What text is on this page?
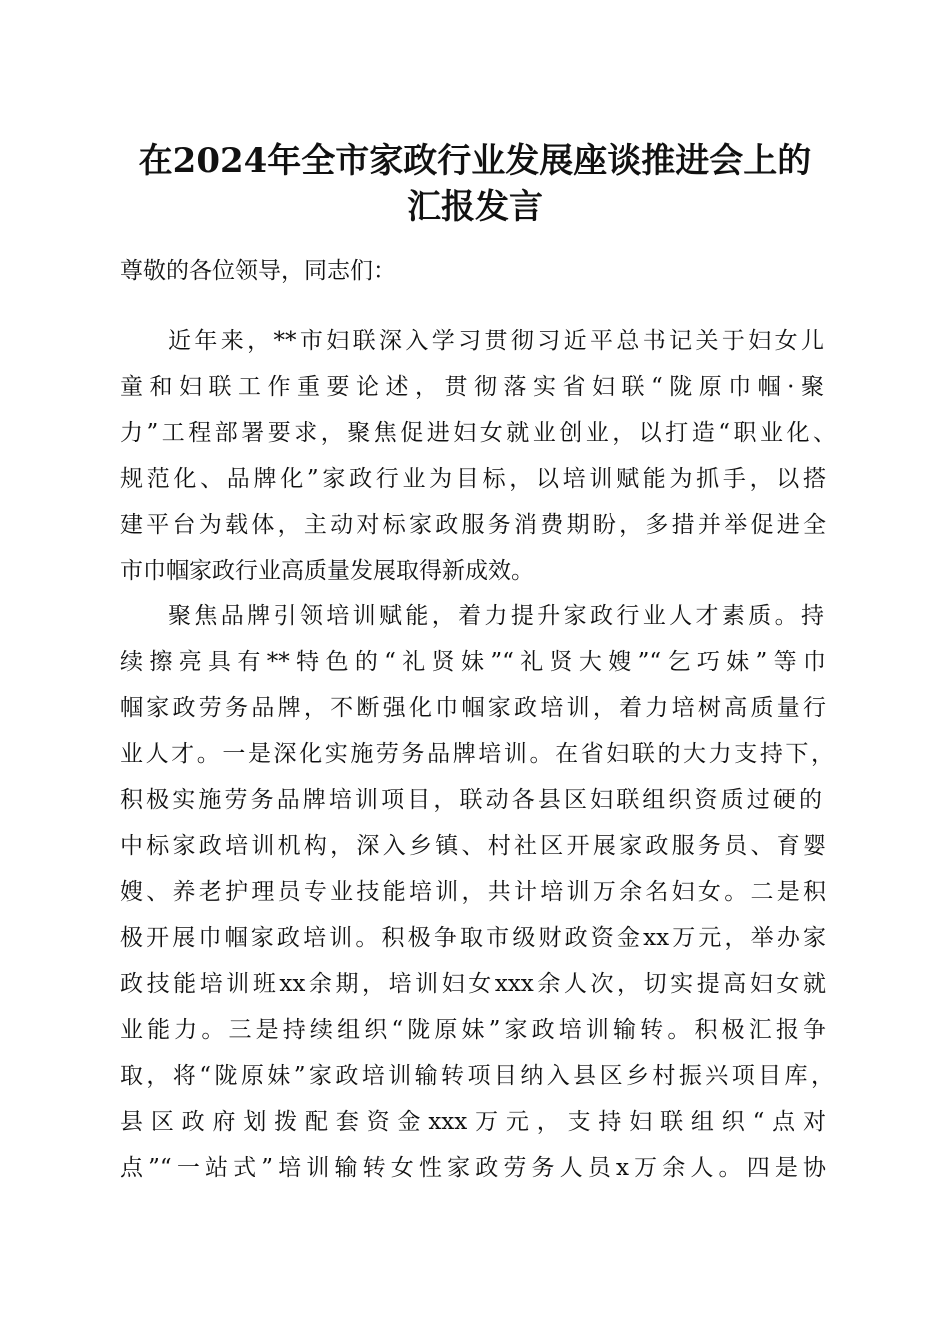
在2024年全市家政行业发展座谈推进会上的
汇报发言

尊敬的各位领导，同志们：

近年来，**市妇联深入学习贯彻习近平总书记关于妇女儿

童和妇联工作重要论述，贯彻落实省妇联“陇原巾帼·聚

力”工程部署要求，聚焦促进妇女就业创业，以打造“职业化、

规范化、品牌化”家政行业为目标，以培训赋能为抓手，以搭

建平台为载体，主动对标家政服务消费期盼，多措并举促进全

市巾帼家政行业高质量发展取得新成效。

聚焦品牌引领培训赋能，着力提升家政行业人才素质。持

续擦亮具有**特色的“礼贤妹”“礼贤大嫂”“乞巧妹”等巾

帼家政劳务品牌，不断强化巾帼家政培训，着力培树高质量行

业人才。一是深化实施劳务品牌培训。在省妇联的大力支持下，

积极实施劳务品牌培训项目，联动各县区妇联组织资质过硬的

中标家政培训机构，深入乡镇、村社区开展家政服务员、育婴

嫂、养老护理员专业技能培训，共计培训万余名妇女。二是积

极开展巾帼家政培训。积极争取市级财政资金xx万元，举办家

政技能培训班xx余期，培训妇女xxx余人次，切实提高妇女就

业能力。三是持续组织“陇原妹”家政培训输转。积极汇报争

取，将“陇原妹”家政培训输转项目纳入县区乡村振兴项目库，

县区政府划拨配套资金xxx万元，支持妇联组织“点对

点”“一站式”培训输转女性家政劳务人员x万余人。四是协
